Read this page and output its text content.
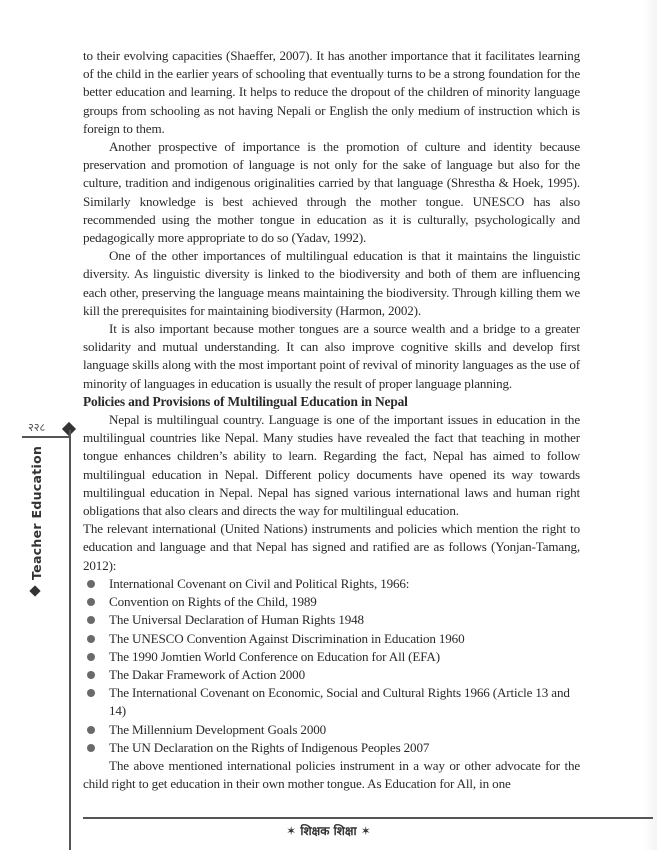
to their evolving capacities (Shaeffer, 2007). It has another importance that it facilitates learning of the child in the earlier years of schooling that eventually turns to be a strong foundation for the better education and learning. It helps to reduce the dropout of the children of minority language groups from schooling as not having Nepali or English the only medium of instruction which is foreign to them.

Another prospective of importance is the promotion of culture and identity because preservation and promotion of language is not only for the sake of language but also for the culture, tradition and indigenous originalities carried by that language (Shrestha & Hoek, 1995). Similarly knowledge is best achieved through the mother tongue. UNESCO has also recommended using the mother tongue in education as it is culturally, psychologically and pedagogically more appropriate to do so (Yadav, 1992).

One of the other importances of multilingual education is that it maintains the linguistic diversity. As linguistic diversity is linked to the biodiversity and both of them are influencing each other, preserving the language means maintaining the biodiversity. Through killing them we kill the prerequisites for maintaining biodiversity (Harmon, 2002).

It is also important because mother tongues are a source wealth and a bridge to a greater solidarity and mutual understanding. It can also improve cognitive skills and develop first language skills along with the most important point of revival of minority languages as the use of minority of languages in education is usually the result of proper language planning.

Policies and Provisions of Multilingual Education in Nepal

Nepal is multilingual country. Language is one of the important issues in education in the multilingual countries like Nepal. Many studies have revealed the fact that teaching in mother tongue enhances children’s ability to learn. Regarding the fact, Nepal has aimed to follow multilingual education in Nepal. Different policy documents have opened its way towards multilingual education in Nepal. Nepal has signed various international laws and human right obligations that also clears and directs the way for multilingual education.

The relevant international (United Nations) instruments and policies which mention the right to education and language and that Nepal has signed and ratified are as follows (Yonjan-Tamang, 2012):

International Covenant on Civil and Political Rights, 1966:
Convention on Rights of the Child, 1989
The Universal Declaration of Human Rights 1948
The UNESCO Convention Against Discrimination in Education 1960
The 1990 Jomtien World Conference on Education for All (EFA)
The Dakar Framework of Action 2000
The International Covenant on Economic, Social and Cultural Rights 1966 (Article 13 and 14)
The Millennium Development Goals 2000
The UN Declaration on the Rights of Indigenous Peoples 2007

The above mentioned international policies instrument in a way or other advocate for the child right to get education in their own mother tongue. As Education for All, in one

२२८
Teacher Education
✶ शिक्षक शिक्षा ✶
